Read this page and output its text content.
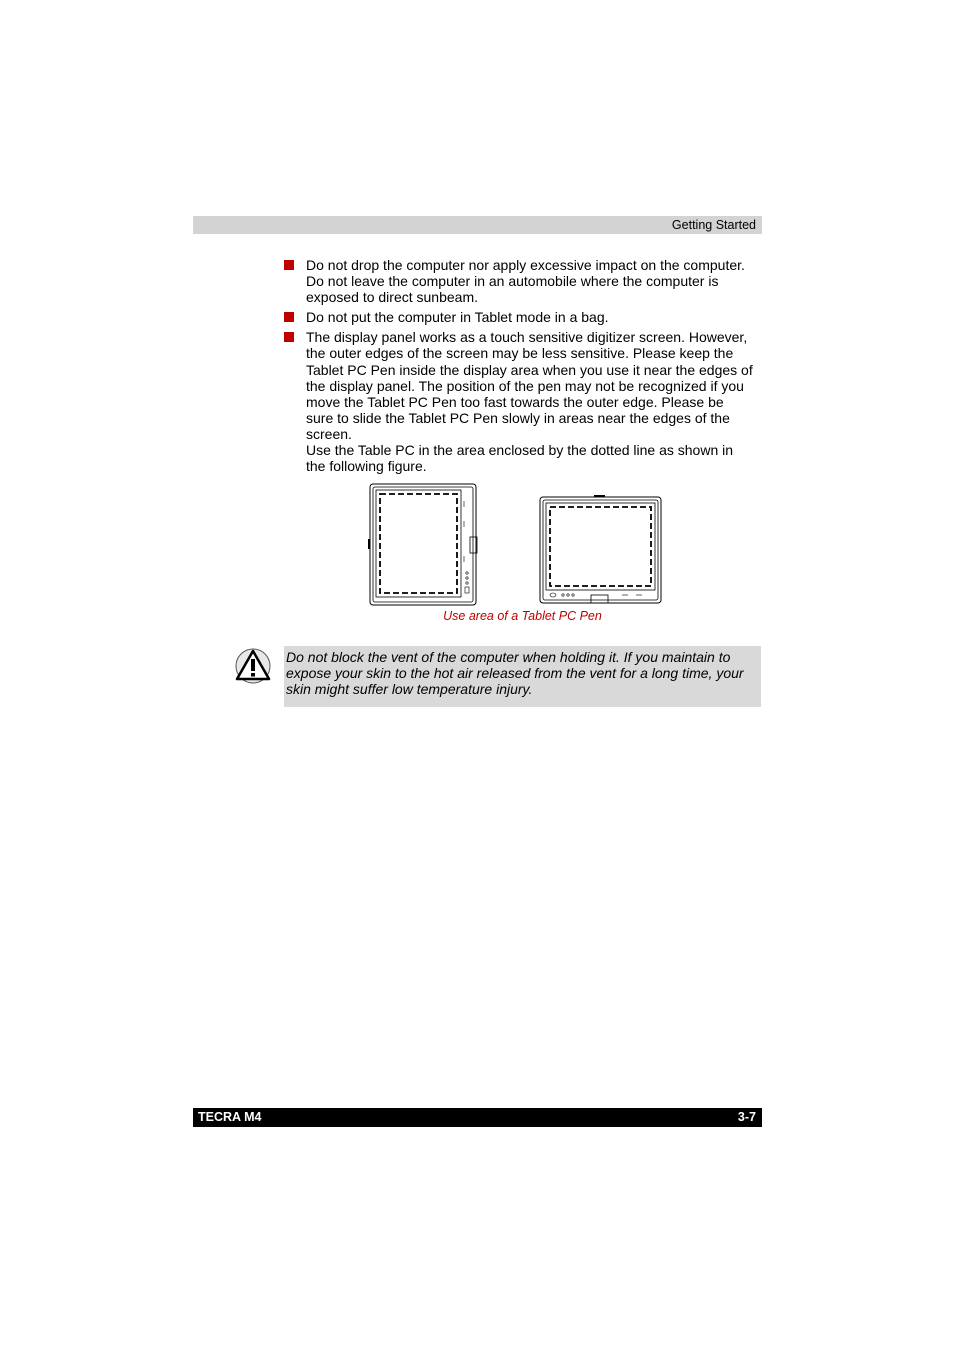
Getting Started
Do not drop the computer nor apply excessive impact on the computer.
Do not leave the computer in an automobile where the computer is
exposed to direct sunbeam.
Do not put the computer in Tablet mode in a bag.
The display panel works as a touch sensitive digitizer screen. However,
the outer edges of the screen may be less sensitive. Please keep the
Tablet PC Pen inside the display area when you use it near the edges of
the display panel. The position of the pen may not be recognized if you
move the Tablet PC Pen too fast towards the outer edge. Please be
sure to slide the Tablet PC Pen slowly in areas near the edges of the
screen.
Use the Table PC in the area enclosed by the dotted line as shown in
the following figure.
Use area of a Tablet PC Pen
Do not block the vent of the computer when holding it. If you maintain to
expose your skin to the hot air released from the vent for a long time, your
skin might suffer low temperature injury.
TECRA M4	3-7
